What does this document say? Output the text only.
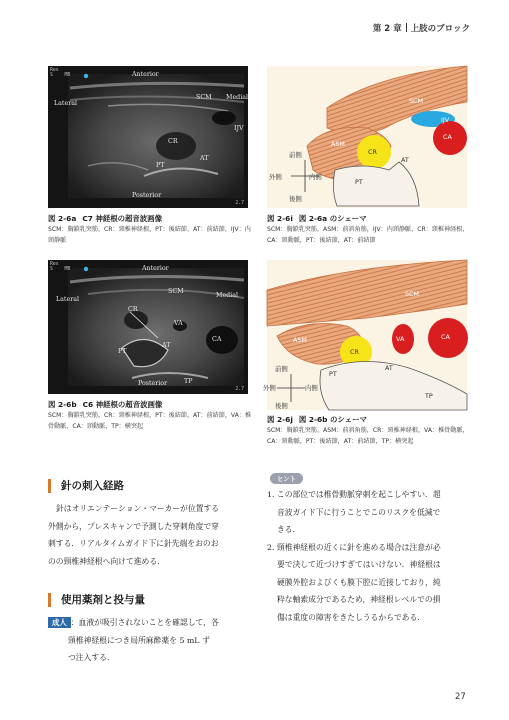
第 2 章 上肢のブロック
Res
S    MB
2.7
Anterior
Posterior
Lateral
Medial
SCM
CR
PT
AT
IJV
図 2-6a C7 神経根の超音波画像
SCM：胸鎖乳突筋，CR：頸椎神経根，PT：後結節，AT：前結節，IJV：内頸静脈
SCM
ASM
CR
IJV
CA
AT
PT
前側
後側
外側	内側
図 2-6i 図 2-6a のシェーマ
SCM：胸鎖乳突筋，ASM：前斜角筋，IJV：内頸静脈，CR：頸椎神経根，CA：頸動脈，PT：後結節，AT：前結節
Res
S    MB
2.7
Anterior
Posterior
Lateral
Medial
SCM
CR
VA
CA
PT
AT
TP
図 2-6b C6 神経根の超音波画像
SCM：胸鎖乳突筋，CR：頸椎神経根，PT：後結節，AT：前結節，VA：椎骨動脈，CA：頸動脈，TP：横突起
SCM
ASM
CR
VA	CA
AT
PT
TP
前側
後側
外側	内側
図 2-6j 図 2-6b のシェーマ
SCM：胸鎖乳突筋，ASM：前斜角筋，CR：頸椎神経根，VA：椎骨動脈，CA：頸動脈，PT：後結節，AT：前結節，TP：横突起
針の刺入経路
針はオリエンテーション・マーカーが位置する
外側から，プレスキャンで予測した穿刺角度で穿
刺する．リアルタイムガイド下に針先端をおのお
のの頸椎神経根へ向けて進める．
使用薬剤と投与量
成人 ：血液が吸引されないことを確認して，各
頸椎神経根につき局所麻酔薬を 5 mL ず
つ注入する．
ヒント
1. この部位では椎骨動脈穿刺を起こしやすい．超
音波ガイド下に行うことでこのリスクを低減で
きる．
2. 頸椎神経根の近くに針を進める場合は注意が必
要で決して近づけすぎてはいけない．神経根は
硬膜外腔およびくも膜下腔に近接しており，純
粋な軸索成分であるため，神経根レベルでの損
傷は重度の障害をきたしうるからである．
27
